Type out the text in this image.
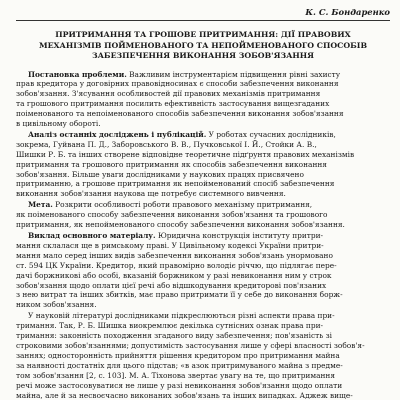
К. С. Бондаренко
ПРИТРИМАННЯ ТА ГРОШОВЕ ПРИТРИМАННЯ: ДІЇ ПРАВОВИХ
МЕХАНІЗМІВ ПОЙМЕНОВАНОГО ТА НЕПОЙМЕНОВАНОГО СПОСОБІВ
ЗАБЕЗПЕЧЕННЯ ВИКОНАННЯ ЗОБОВ'ЯЗАННЯ

Постановка проблеми. Важливим інструментарієм підвищення рівні захисту
прав кредитора у договірних правовідносинах є способи забезпечення виконання
зобов'язання. З'ясування особливостей дії правових механізмів притримання
та грошового притримання посилить ефективність застосування вищезгаданих
поіменованого та непоіменованого способів забезпечення виконання зобов'язання
в цивільному обороті.

Аналіз останніх досліджень і публікацій. У роботах сучасних дослідників,
зокрема, Гуйвана П. Д., Заборовського В. В., Пучковської І. Й., Стойки А. В.,
Шишки Р. Б. та інших створене відповідне теоретичне підґрунтя правових механізмів
притримання та грошового притримання як способів забезпечення виконання
зобов'язання. Більше уваги дослідниками у наукових працях присвячено
притриманню, а грошове притримання як непойменований спосіб забезпечення
виконання зобов'язання наукова ще потребує системного вивчення.

Мета. Розкрити особливості роботи правового механізму притримання,
як поіменованого способу забезпечення виконання зобов'язання та грошового
притримання, як непойменованого способу забезпечення виконання зобов'язання.

Виклад основного матеріалу. Юридична конструкція інституту притри-
мання склалася ще в римському праві. У Цивільному кодексі України притри-
мання мало серед інших видів забезпечення виконання зобов'язань унормовано
ст. 594 ЦК України. Кредитор, який правомірно володіє річчю, що підлягає перe-
дачі боржникові або особі, вказаній боржником у разі невиконання ним у строк
зобов'язання щодо оплати цієї речі або відшкодування кредиторові пов'язаних
з нею витрат та інших збитків, має право притримати її у себе до виконання борж-
ником зобов'язання.

У науковій літературі дослідниками підкреслюються різні аспекти права при-
тримання. Так, Р. Б. Шишка виокремлює декілька сутнісних ознак права при-
тримання: законність походження згаданого виду забезпечення; пов'язаність зі
строковими зобов'язаннями; допустимість застосування лише у сфері власності зобов'я-
заннях; односторонність прийняття рішення кредитором про притримання майна
за наявності достатніх для цього підстав; «в азок притримуваного майна з предме-
том зобов'язання [2, с. 103]. М. А. Тіхонова звертає увагу на те, що притримання
речі може застосовуватися не лише у разі невиконання зобов'язання щодо оплати
майна, але й за несвоєчасно виконаних зобов'язань та інших випадках. Аджеж вище-
